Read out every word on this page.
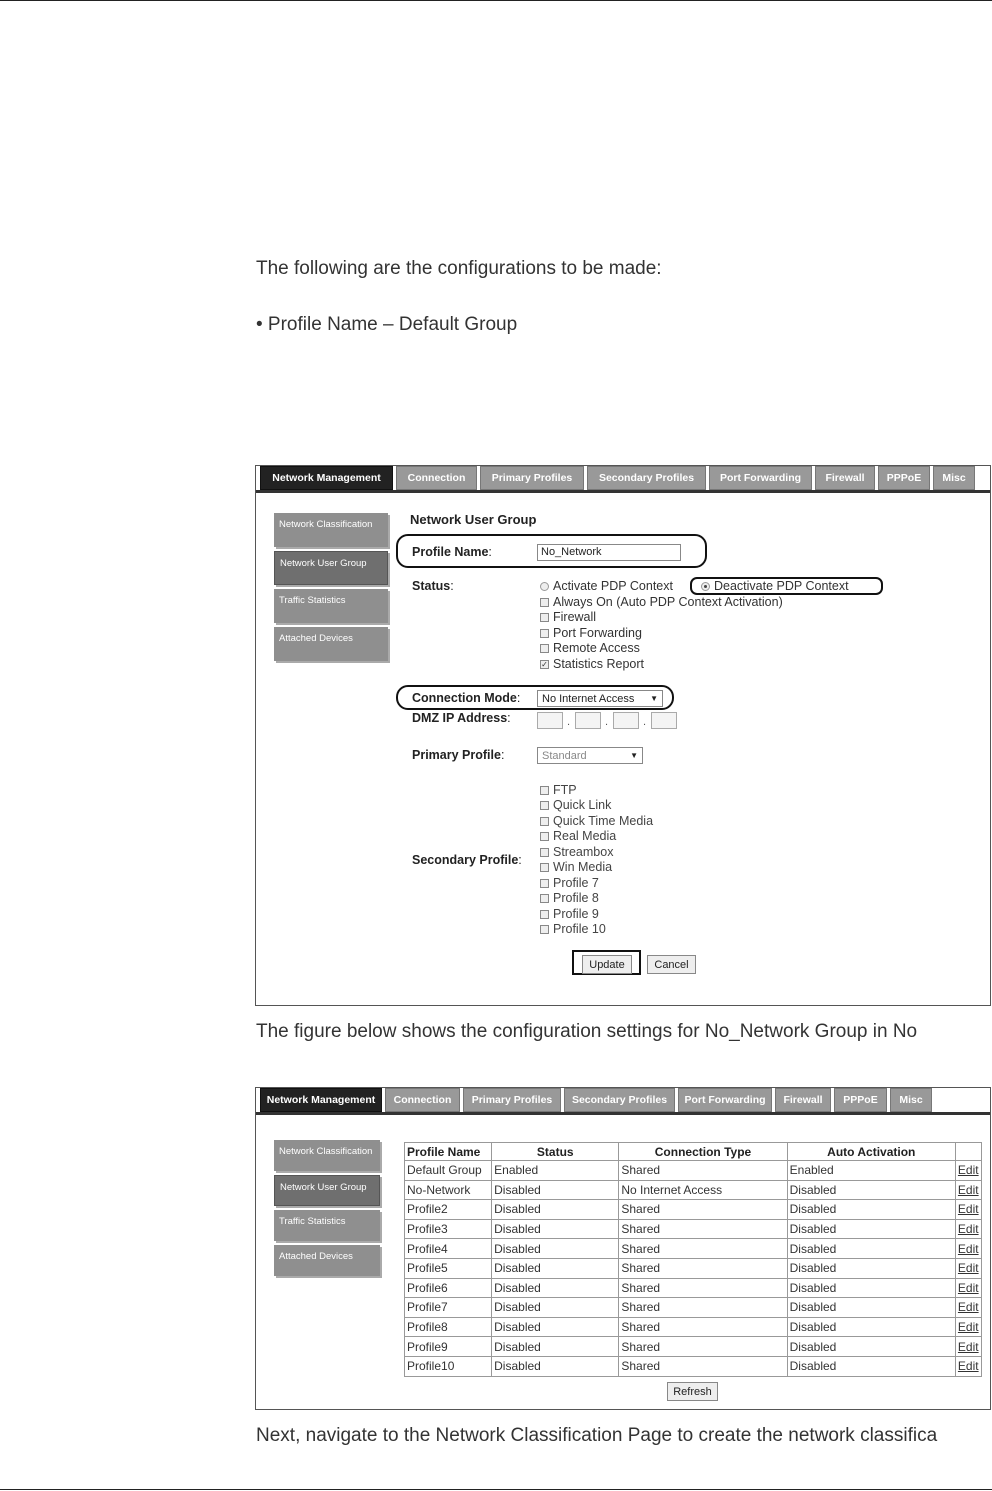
The following are the configurations to be made:
• Profile Name – Default Group
Network Management	Connection	Primary Profiles	Secondary Profiles	Port Forwarding	Firewall	PPPoE	Misc
Network Classification
Network User Group
Traffic Statistics
Attached Devices
Network User Group
Profile Name:	No_Network
Status:	Activate PDP Context	Deactivate PDP Context
Always On (Auto PDP Context Activation)
Firewall
Port Forwarding
Remote Access
✓ Statistics Report
Connection Mode: No Internet Access ▼
DMZ IP Address:	.	.	.
Primary Profile:	Standard	▼
Secondary Profile:
FTP
Quick Link
Quick Time Media
Real Media
Streambox
Win Media
Profile 7
Profile 8
Profile 9
Profile 10
Update	Cancel
The figure below shows the configuration settings for No_Network Group in No
Network Management	Connection	Primary Profiles	Secondary Profiles	Port Forwarding	Firewall	PPPoE	Misc
Network Classification
Network User Group
Traffic Statistics
Attached Devices
Profile Name	Status	Connection Type	Auto Activation	
Default Group	Enabled	Shared	Enabled	Edit
No-Network	Disabled	No Internet Access	Disabled	Edit
Profile2	Disabled	Shared	Disabled	Edit
Profile3	Disabled	Shared	Disabled	Edit
Profile4	Disabled	Shared	Disabled	Edit
Profile5	Disabled	Shared	Disabled	Edit
Profile6	Disabled	Shared	Disabled	Edit
Profile7	Disabled	Shared	Disabled	Edit
Profile8	Disabled	Shared	Disabled	Edit
Profile9	Disabled	Shared	Disabled	Edit
Profile10	Disabled	Shared	Disabled	Edit
Refresh
Next, navigate to the Network Classification Page to create the network classifica
